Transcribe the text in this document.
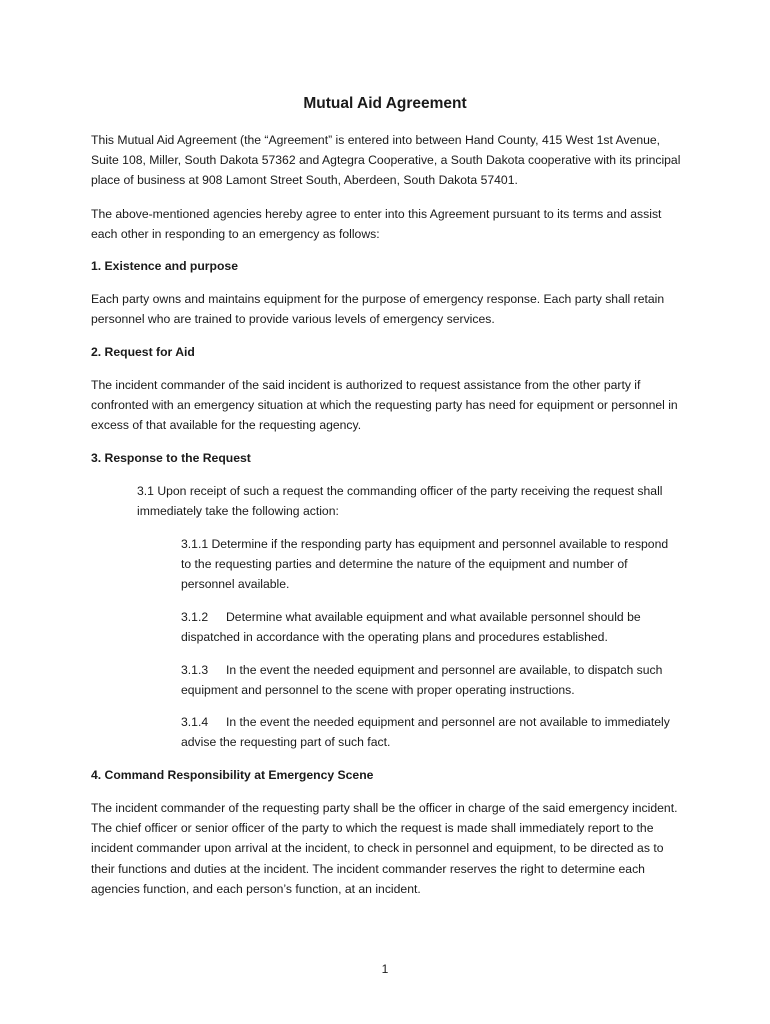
Mutual Aid Agreement
This Mutual Aid Agreement (the “Agreement” is entered into between Hand County, 415 West 1st Avenue, Suite 108, Miller, South Dakota 57362 and Agtegra Cooperative, a South Dakota cooperative with its principal place of business at 908 Lamont Street South, Aberdeen, South Dakota 57401.
The above-mentioned agencies hereby agree to enter into this Agreement pursuant to its terms and assist each other in responding to an emergency as follows:
1. Existence and purpose
Each party owns and maintains equipment for the purpose of emergency response. Each party shall retain personnel who are trained to provide various levels of emergency services.
2. Request for Aid
The incident commander of the said incident is authorized to request assistance from the other party if confronted with an emergency situation at which the requesting party has need for equipment or personnel in excess of that available for the requesting agency.
3. Response to the Request
3.1 Upon receipt of such a request the commanding officer of the party receiving the request shall immediately take the following action:
3.1.1 Determine if the responding party has equipment and personnel available to respond to the requesting parties and determine the nature of the equipment and number of personnel available.
3.1.2 Determine what available equipment and what available personnel should be dispatched in accordance with the operating plans and procedures established.
3.1.3 In the event the needed equipment and personnel are available, to dispatch such equipment and personnel to the scene with proper operating instructions.
3.1.4 In the event the needed equipment and personnel are not available to immediately advise the requesting part of such fact.
4. Command Responsibility at Emergency Scene
The incident commander of the requesting party shall be the officer in charge of the said emergency incident. The chief officer or senior officer of the party to which the request is made shall immediately report to the incident commander upon arrival at the incident, to check in personnel and equipment, to be directed as to their functions and duties at the incident. The incident commander reserves the right to determine each agencies function, and each person’s function, at an incident.
1
